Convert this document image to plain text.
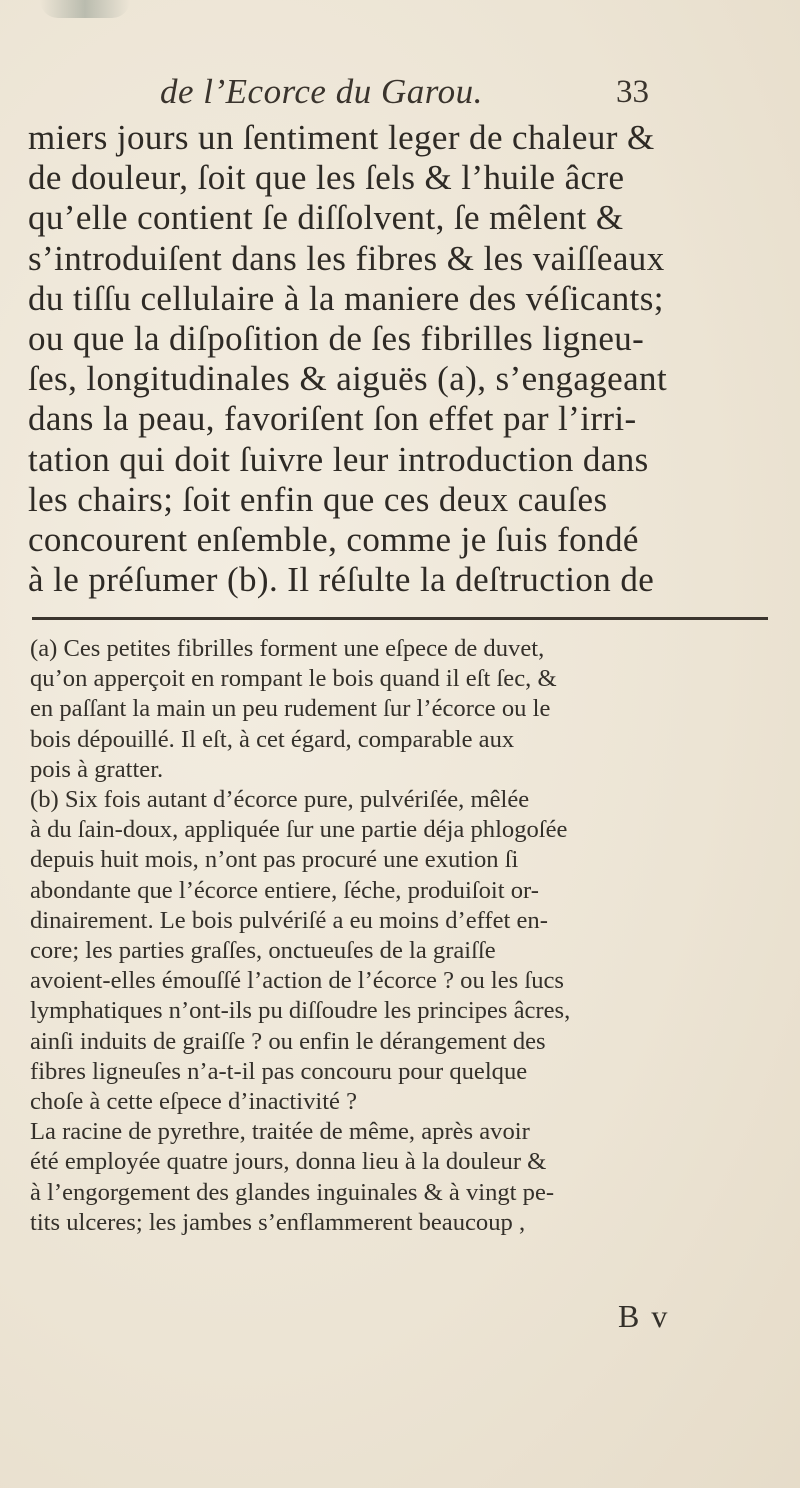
de l’Ecorce du Garou.	33
miers jours un ſentiment leger de chaleur &
de douleur, ſoit que les ſels & l’huile âcre
qu’elle contient ſe diſſolvent, ſe mêlent &
s’introduiſent dans les fibres & les vaiſſeaux
du tiſſu cellulaire à la maniere des véſicants;
ou que la diſpoſition de ſes fibrilles ligneu-
ſes, longitudinales & aiguës (a), s’engageant
dans la peau, favoriſent ſon effet par l’irri-
tation qui doit ſuivre leur introduction dans
les chairs; ſoit enfin que ces deux cauſes
concourent enſemble, comme je ſuis fondé
à le préſumer (b). Il réſulte la deſtruction de
(a) Ces petites fibrilles forment une eſpece de duvet,
qu’on apperçoit en rompant le bois quand il eſt ſec, &
en paſſant la main un peu rudement ſur l’écorce ou le
bois dépouillé. Il eſt, à cet égard, comparable aux
pois à gratter.
(b) Six fois autant d’écorce pure, pulvériſée, mêlée
à du ſain-doux, appliquée ſur une partie déja phlogoſée
depuis huit mois, n’ont pas procuré une exution ſi
abondante que l’écorce entiere, ſéche, produiſoit or-
dinairement. Le bois pulvériſé a eu moins d’effet en-
core; les parties graſſes, onctueuſes de la graiſſe
avoient-elles émouſſé l’action de l’écorce ? ou les ſucs
lymphatiques n’ont-ils pu diſſoudre les principes âcres,
ainſi induits de graiſſe ? ou enfin le dérangement des
fibres ligneuſes n’a-t-il pas concouru pour quelque
choſe à cette eſpece d’inactivité ?
La racine de pyrethre, traitée de même, après avoir
été employée quatre jours, donna lieu à la douleur &
à l’engorgement des glandes inguinales & à vingt pe-
tits ulceres; les jambes s’enflammerent beaucoup ,
B v
